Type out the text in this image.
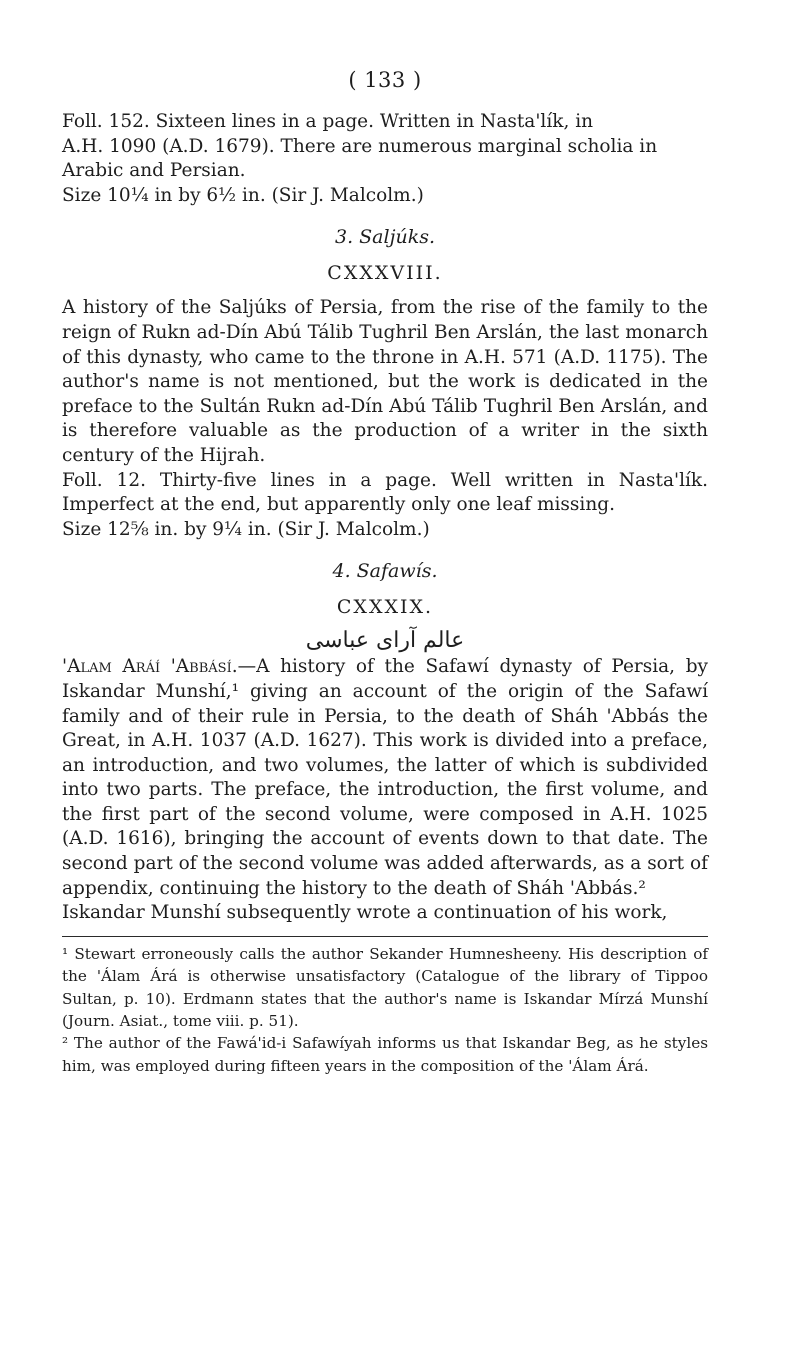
( 133 )

Foll. 152. Sixteen lines in a page. Written in Nasta'lík, in

A.H. 1090 (A.D. 1679). There are numerous marginal scholia in

Arabic and Persian.

Size 10¼ in by 6½ in. (Sir J. Malcolm.)

3. Saljúks.
CXXXVIII.

A history of the Saljúks of Persia, from the rise of the family to the reign of Rukn ad-Dín Abú Tálib Tughril Ben Arslán, the last monarch of this dynasty, who came to the throne in A.H. 571 (A.D. 1175). The author's name is not mentioned, but the work is dedicated in the preface to the Sultán Rukn ad-Dín Abú Tálib Tughril Ben Arslán, and is therefore valuable as the production of a writer in the sixth century of the Hijrah.

Foll. 12. Thirty-five lines in a page. Well written in Nasta'lík. Imperfect at the end, but apparently only one leaf missing.

Size 12⅝ in. by 9¼ in. (Sir J. Malcolm.)

4. Safawís.
CXXXIX.
عالم آرای عباسی

'Alam Aráí 'Abbásí.—A history of the Safawí dynasty of Persia, by Iskandar Munshí,¹ giving an account of the origin of the Safawí family and of their rule in Persia, to the death of Sháh 'Abbás the Great, in A.H. 1037 (A.D. 1627). This work is divided into a preface, an introduction, and two volumes, the latter of which is subdivided into two parts. The preface, the introduction, the first volume, and the first part of the second volume, were composed in A.H. 1025 (A.D. 1616), bringing the account of events down to that date. The second part of the second volume was added afterwards, as a sort of appendix, continuing the history to the death of Sháh 'Abbás.²

Iskandar Munshí subsequently wrote a continuation of his work,

¹ Stewart erroneously calls the author Sekander Humnesheeny. His description of the 'Álam Árá is otherwise unsatisfactory (Catalogue of the library of Tippoo Sultan, p. 10). Erdmann states that the author's name is Iskandar Mírzá Munshí (Journ. Asiat., tome viii. p. 51).

² The author of the Fawá'id-i Safawíyah informs us that Iskandar Beg, as he styles him, was employed during fifteen years in the composition of the 'Álam Árá.
